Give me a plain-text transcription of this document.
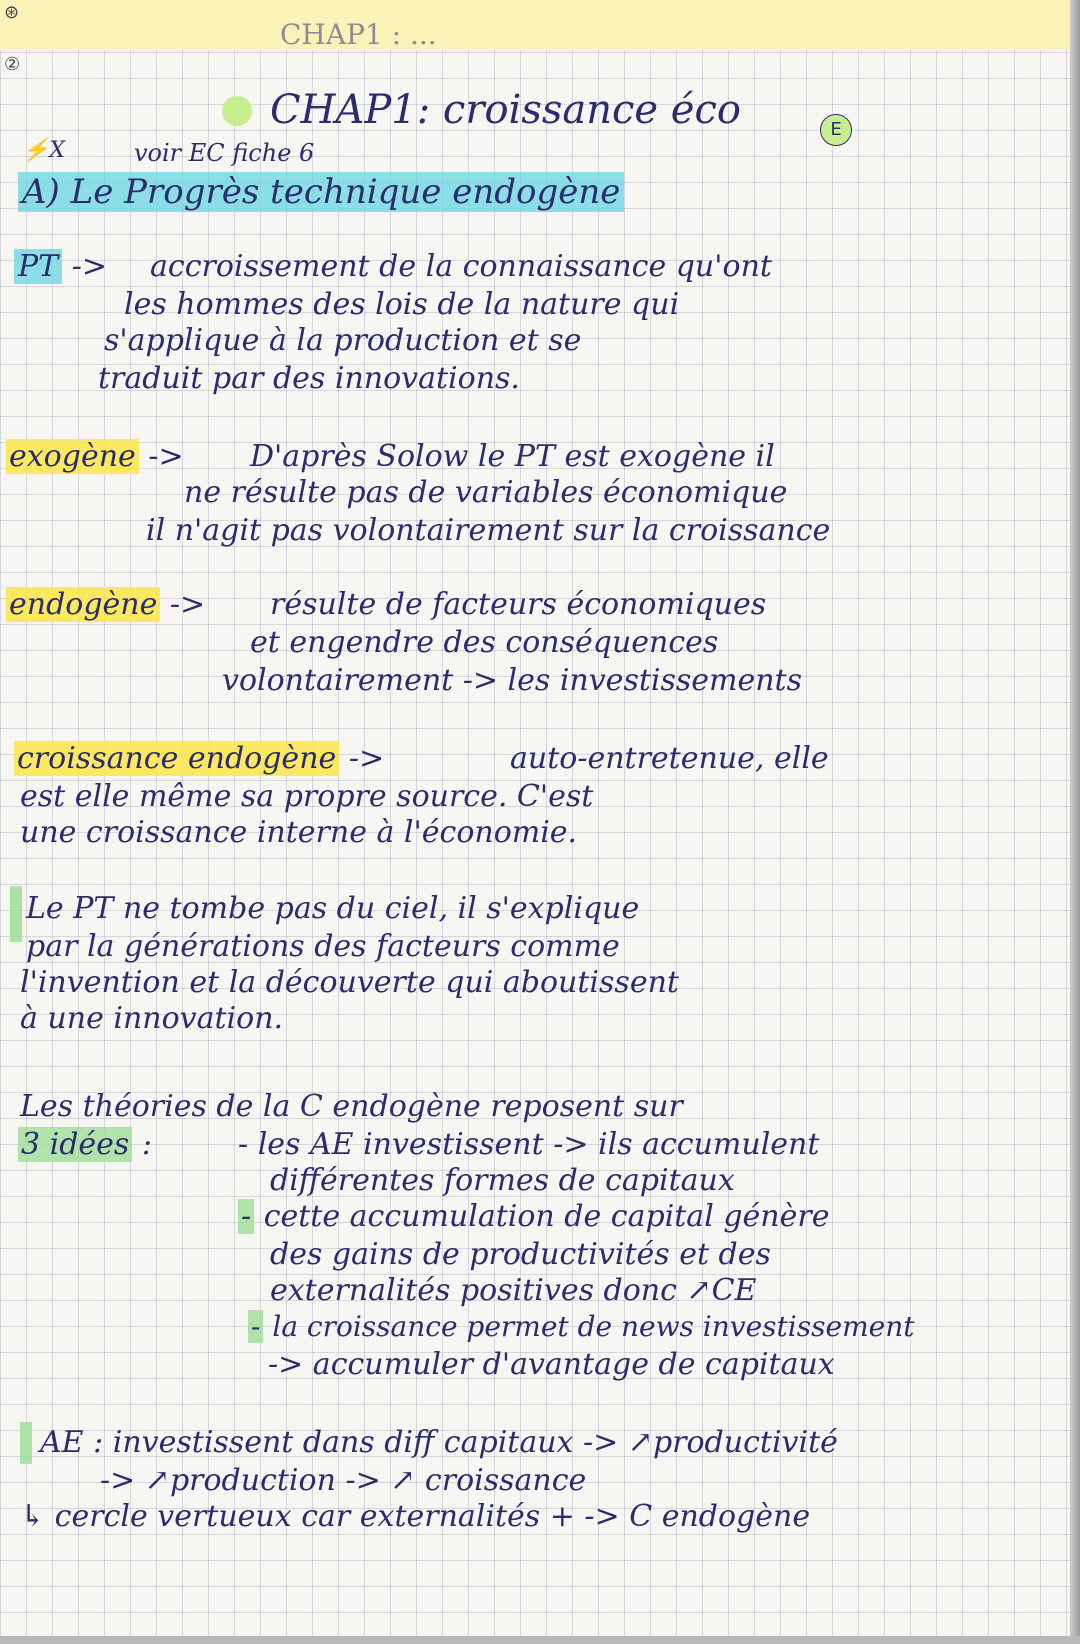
⊛
②
CHAP1 : ...
CHAP1: croissance éco	E
⚡X	voir EC fiche 6
A) Le Progrès technique endogène
PT -> accroissement de la connaissance qu'ont
les hommes des lois de la nature qui
s'applique à la production et se
traduit par des innovations.
exogène -> D'après Solow le PT est exogène il
ne résulte pas de variables économique
il n'agit pas volontairement sur la croissance
endogène -> résulte de facteurs économiques
et engendre des conséquences
volontairement -> les investissements
croissance endogène ->	auto-entretenue, elle
est elle même sa propre source. C'est
une croissance interne à l'économie.
Le PT ne tombe pas du ciel, il s'explique
par la générations des facteurs comme
l'invention et la découverte qui aboutissent
à une innovation.
Les théories de la C endogène reposent sur
3 idées :	- les AE investissent -> ils accumulent
différentes formes de capitaux
- cette accumulation de capital génère
des gains de productivités et des
externalités positives donc ↗CE
- la croissance permet de news investissement
-> accumuler d'avantage de capitaux
AE : investissent dans diff capitaux -> ↗productivité
-> ↗production -> ↗ croissance
↳ cercle vertueux car externalités + -> C endogène
